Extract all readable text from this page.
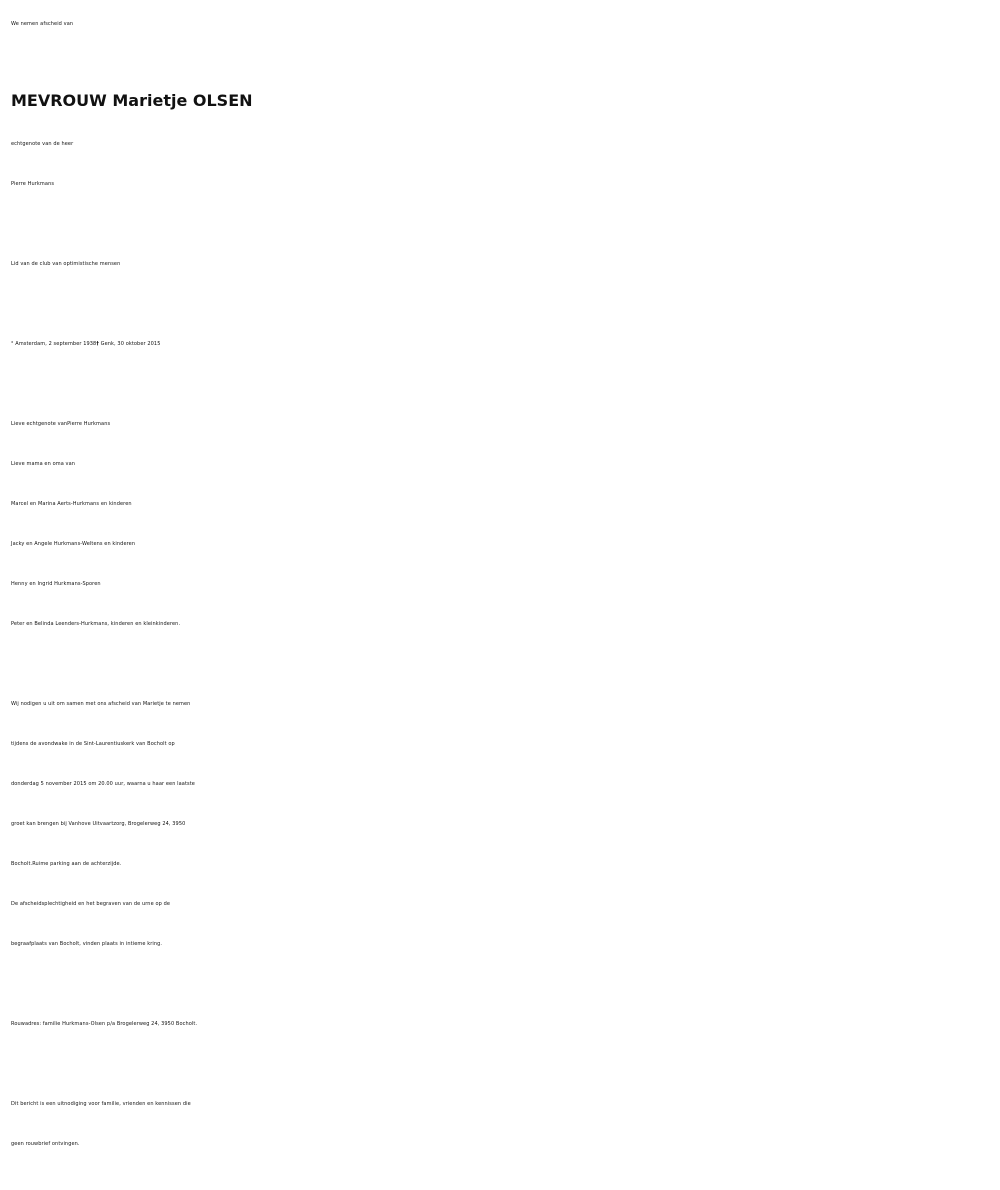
We nemen afscheid van
MEVROUW Marietje OLSEN
echtgenote van de heer
Pierre Hurkmans
Lid van de club van optimistische mensen
° Amsterdam, 2 september 1938† Genk, 30 oktober 2015
Lieve echtgenote vanPierre Hurkmans
Lieve mama en oma van
Marcel en Marina Aerts-Hurkmans en kinderen
Jacky en Angele Hurkmans-Weltens en kinderen
Henny en Ingrid Hurkmans-Sporen
Peter en Belinda Leenders-Hurkmans, kinderen en kleinkinderen.
Wij nodigen u uit om samen met ons afscheid van Marietje te nemen
tijdens de avondwake in de Sint-Laurentiuskerk van Bocholt op
donderdag 5 november 2015 om 20.00 uur, waarna u haar een laatste
groet kan brengen bij Vanhove Uitvaartzorg, Brogelerweg 24, 3950
Bocholt.Ruime parking aan de achterzijde.
De afscheidsplechtigheid en het begraven van de urne op de
begraafplaats van Bocholt, vinden plaats in intieme kring.
Rouwadres: familie Hurkmans-Olsen p/a Brogelerweg 24, 3950 Bocholt.
Dit bericht is een uitnodiging voor familie, vrienden en kennissen die
geen rouwbrief ontvingen.
